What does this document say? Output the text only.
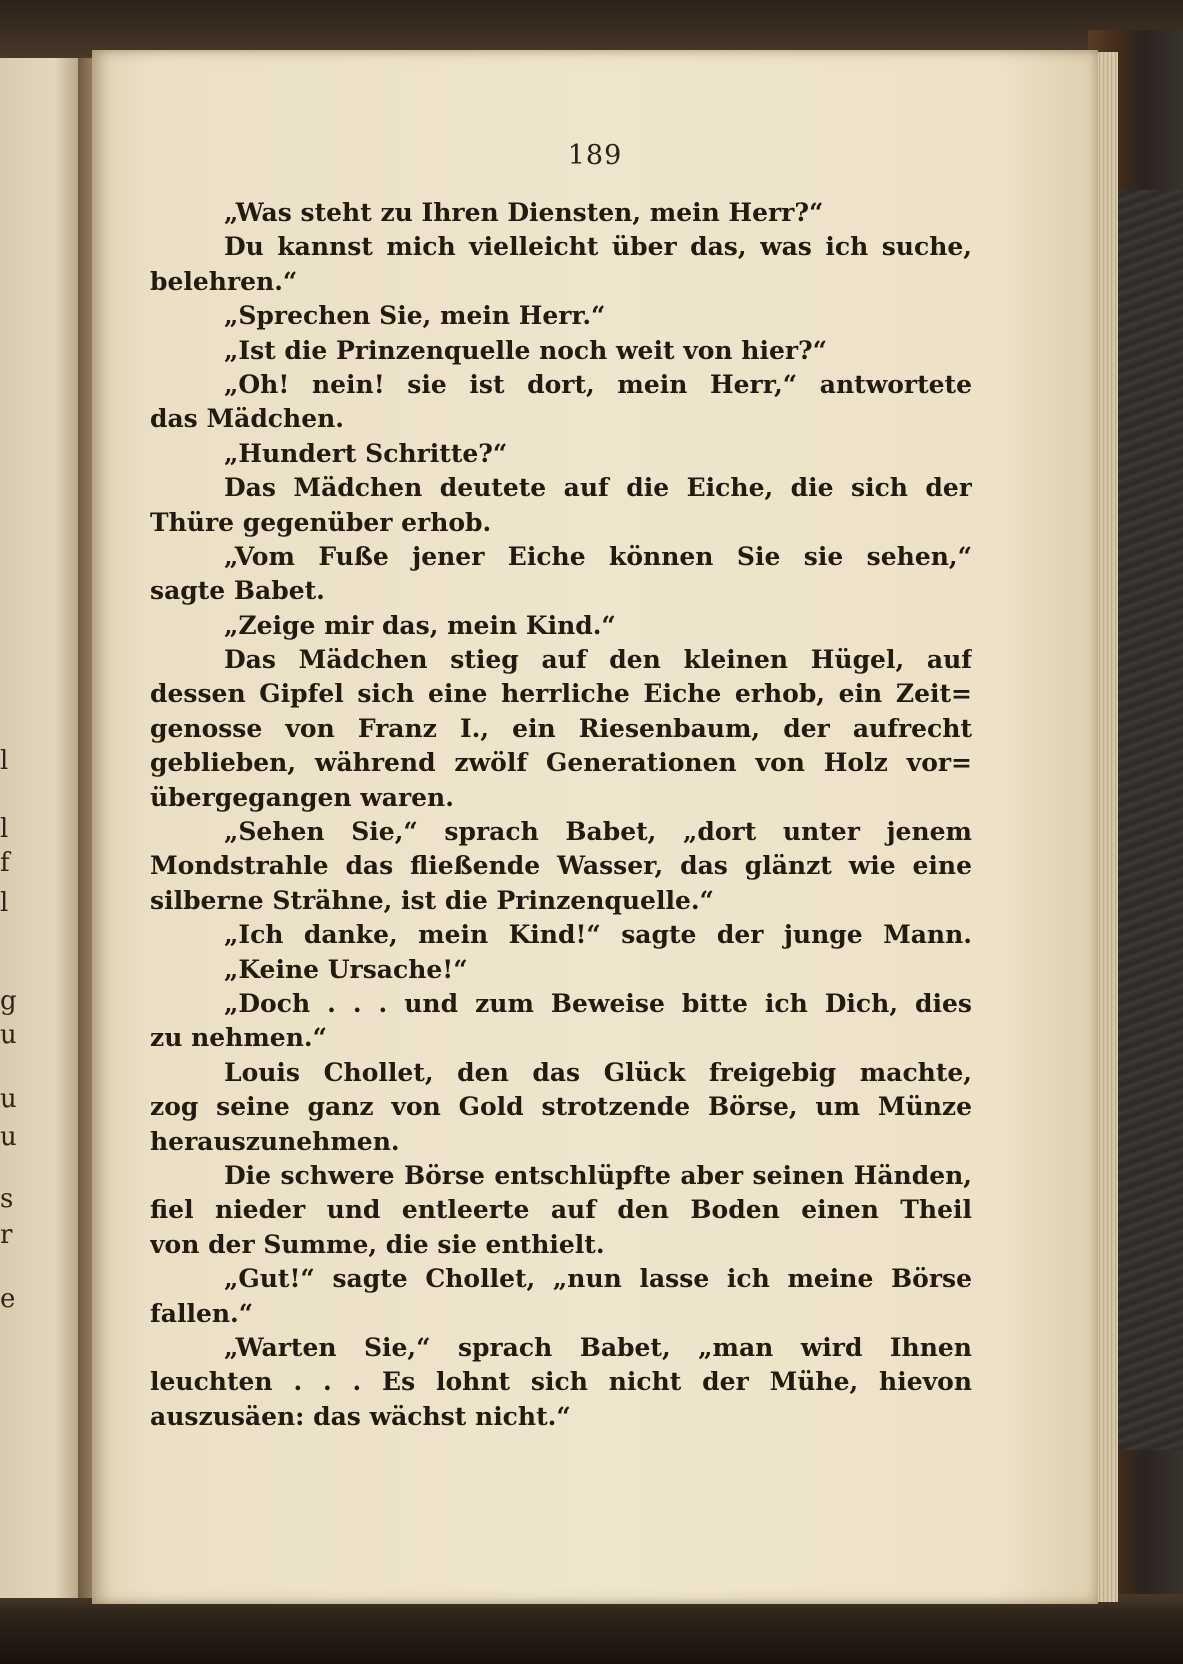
l
l
f
l
g
u
u
u
s
r
e
189
„Was steht zu Ihren Diensten, mein Herr?“
Du kannst mich vielleicht über das, was ich suche,
belehren.“
„Sprechen Sie, mein Herr.“
„Ist die Prinzenquelle noch weit von hier?“
„Oh! nein! sie ist dort, mein Herr,“ antwortete
das Mädchen.
„Hundert Schritte?“
Das Mädchen deutete auf die Eiche, die sich der
Thüre gegenüber erhob.
„Vom Fuße jener Eiche können Sie sie sehen,“
sagte Babet.
„Zeige mir das, mein Kind.“
Das Mädchen stieg auf den kleinen Hügel, auf
dessen Gipfel sich eine herrliche Eiche erhob, ein Zeit=
genosse von Franz I., ein Riesenbaum, der aufrecht
geblieben, während zwölf Generationen von Holz vor=
übergegangen waren.
„Sehen Sie,“ sprach Babet, „dort unter jenem
Mondstrahle das fließende Wasser, das glänzt wie eine
silberne Strähne, ist die Prinzenquelle.“
„Ich danke, mein Kind!“ sagte der junge Mann.
„Keine Ursache!“
„Doch . . . und zum Beweise bitte ich Dich, dies
zu nehmen.“
Louis Chollet, den das Glück freigebig machte,
zog seine ganz von Gold strotzende Börse, um Münze
herauszunehmen.
Die schwere Börse entschlüpfte aber seinen Händen,
fiel nieder und entleerte auf den Boden einen Theil
von der Summe, die sie enthielt.
„Gut!“ sagte Chollet, „nun lasse ich meine Börse
fallen.“
„Warten Sie,“ sprach Babet, „man wird Ihnen
leuchten . . . Es lohnt sich nicht der Mühe, hievon
auszusäen: das wächst nicht.“
